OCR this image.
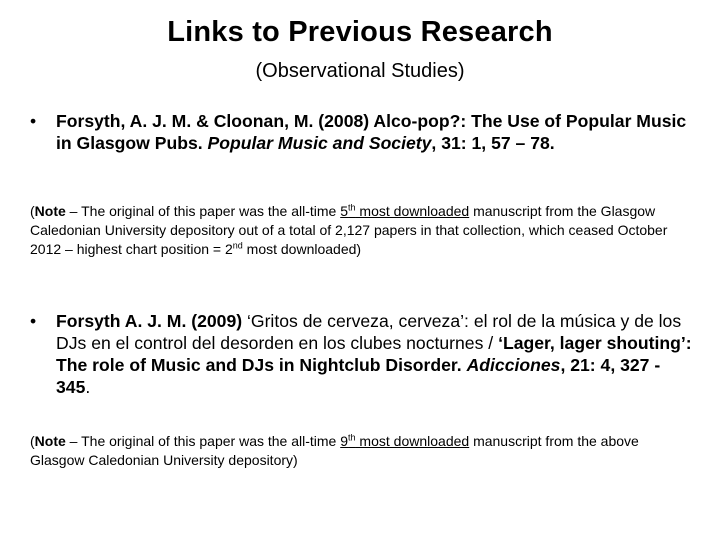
Links to Previous Research
(Observational Studies)
•	Forsyth, A. J. M. & Cloonan, M. (2008) Alco-pop?: The Use of Popular Music in Glasgow Pubs. Popular Music and Society, 31: 1, 57 – 78.
(Note – The original of this paper was the all-time 5th most downloaded manuscript from the Glasgow Caledonian University depository out of a total of 2,127 papers in that collection, which ceased October 2012 – highest chart position = 2nd most downloaded)
•	Forsyth A. J. M. (2009) ‘Gritos de cerveza, cerveza’: el rol de la música y de los DJs en el control del desorden en los clubes nocturnes / ‘Lager, lager shouting’: The role of Music and DJs in Nightclub Disorder. Adicciones, 21: 4, 327 - 345.
(Note – The original of this paper was the all-time 9th most downloaded manuscript from the above Glasgow Caledonian University depository)
